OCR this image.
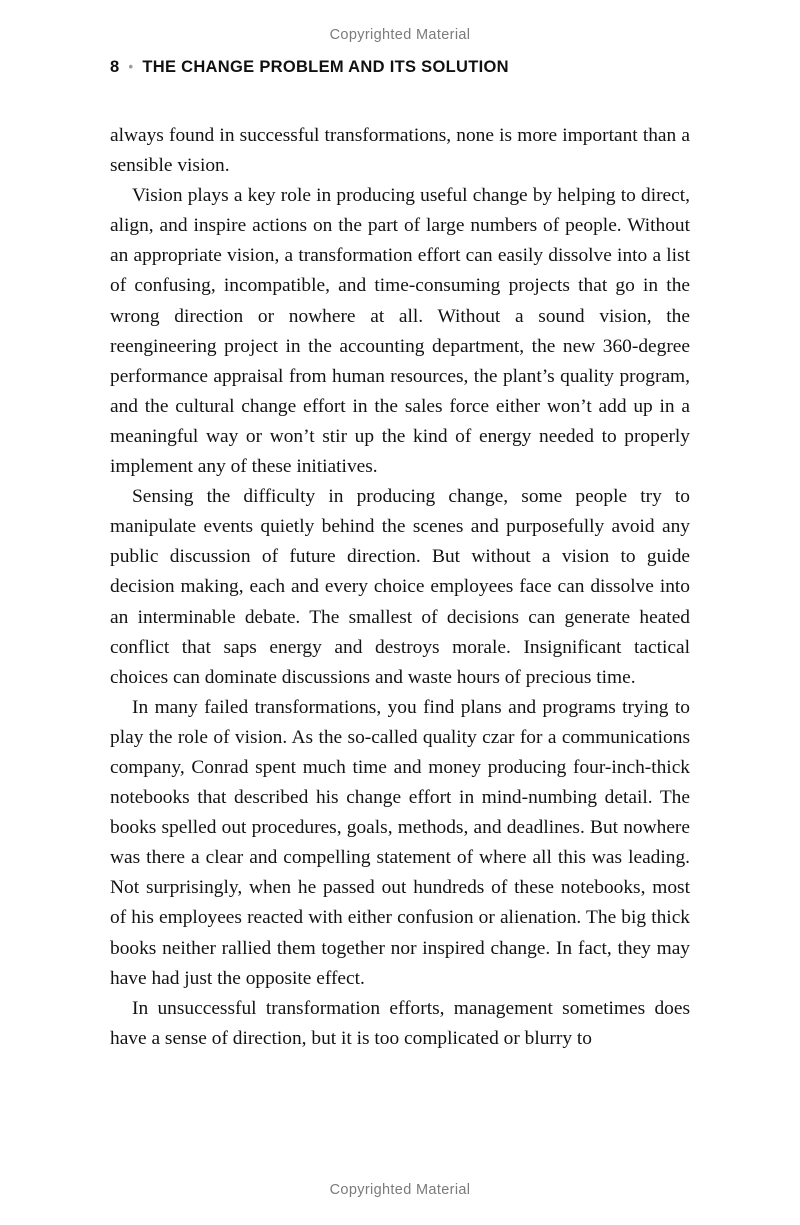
Copyrighted Material
8 • THE CHANGE PROBLEM AND ITS SOLUTION

always found in successful transformations, none is more important than a sensible vision.

Vision plays a key role in producing useful change by helping to direct, align, and inspire actions on the part of large numbers of people. Without an appropriate vision, a transformation effort can easily dissolve into a list of confusing, incompatible, and time-consuming projects that go in the wrong direction or nowhere at all. Without a sound vision, the reengineering project in the accounting department, the new 360-degree performance appraisal from human resources, the plant’s quality program, and the cultural change effort in the sales force either won’t add up in a meaningful way or won’t stir up the kind of energy needed to properly implement any of these initiatives.

Sensing the difficulty in producing change, some people try to manipulate events quietly behind the scenes and purposefully avoid any public discussion of future direction. But without a vision to guide decision making, each and every choice employees face can dissolve into an interminable debate. The smallest of decisions can generate heated conflict that saps energy and destroys morale. Insignificant tactical choices can dominate discussions and waste hours of precious time.

In many failed transformations, you find plans and programs trying to play the role of vision. As the so-called quality czar for a communications company, Conrad spent much time and money producing four-inch-thick notebooks that described his change effort in mind-numbing detail. The books spelled out procedures, goals, methods, and deadlines. But nowhere was there a clear and compelling statement of where all this was leading. Not surprisingly, when he passed out hundreds of these notebooks, most of his employees reacted with either confusion or alienation. The big thick books neither rallied them together nor inspired change. In fact, they may have had just the opposite effect.

In unsuccessful transformation efforts, management sometimes does have a sense of direction, but it is too complicated or blurry to

Copyrighted Material
